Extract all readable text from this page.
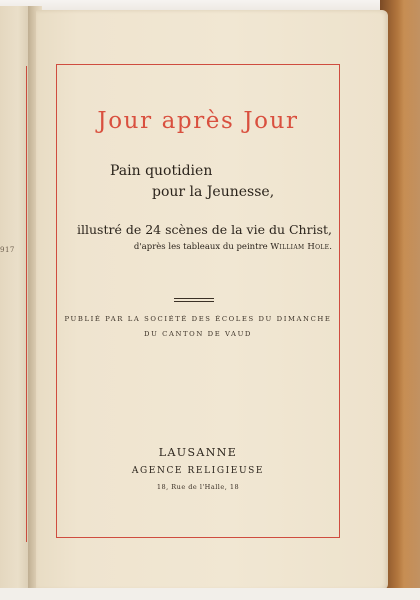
917
Jour après Jour
Pain quotidien
pour la Jeunesse,
illustré de 24 scènes de la vie du Christ,
d'après les tableaux du peintre William Hole.
PUBLIÉ PAR LA SOCIÉTÉ DES ÉCOLES DU DIMANCHE
DU CANTON DE VAUD
LAUSANNE
AGENCE RELIGIEUSE
18, Rue de l'Halle, 18
